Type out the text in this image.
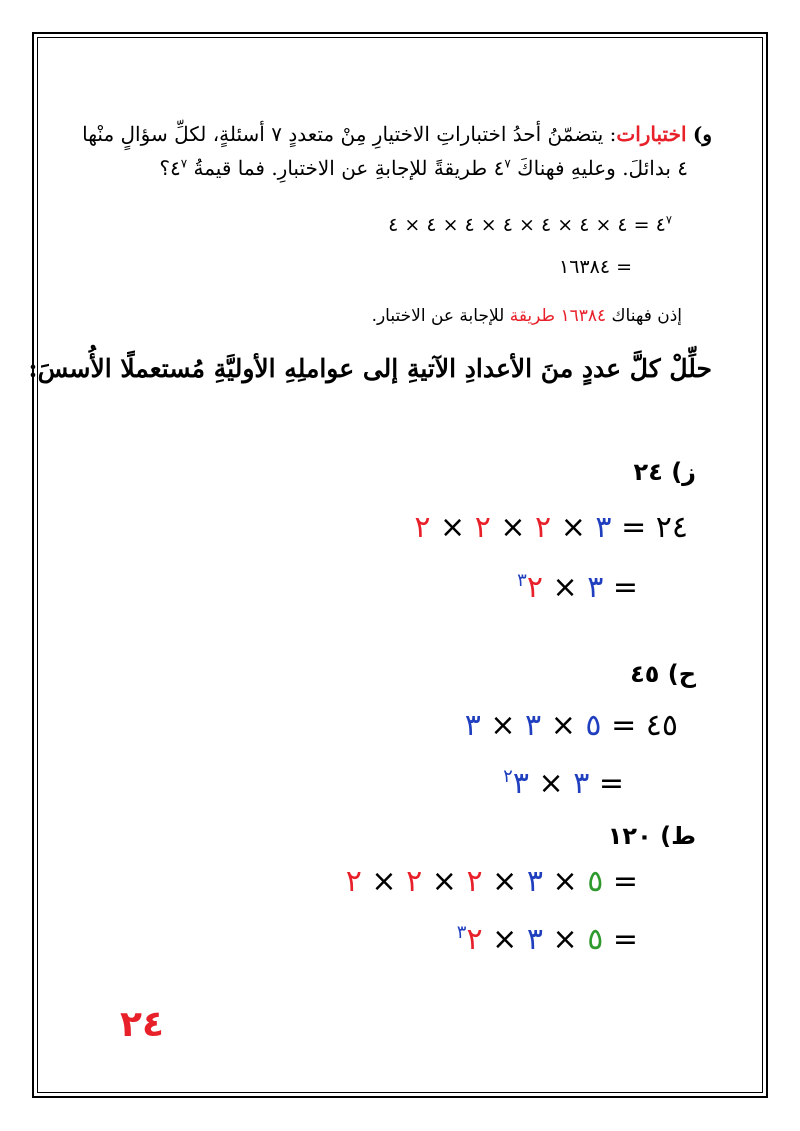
و) اختبارات: يتضمّنُ أحدُ اختباراتِ الاختيارِ مِنْ متعددٍ ٧ أسئلةٍ، لكلِّ سؤالٍ منْها
٤ بدائلَ. وعليهِ فهناكَ $٤^٧$ طريقةً للإجابةِ عن الاختبارِ. فما قيمةُ $٤^٧؟$
$٤^٧$ = ٤ × ٤ × ٤ × ٤ × ٤ × ٤ × ٤
= ١٦٣٨٤
إذن فهناك ١٦٣٨٤ طريقة للإجابة عن الاختبار.
حلِّلْ كلَّ عددٍ منَ الأعدادِ الآتيةِ إلى عواملِهِ الأوليَّةِ مُستعملًا الأُسسَ:
ز) ٢٤
٣ × ٢ × ٢ × ٢	٢٤ =
٣ × $^٣$٢ =
ح) ٤٥
٥ × ٣ × ٣	٤٥ =
٣ × $^٢$٣ =
ط) ١٢٠
٥ × ٣ × ٢ × ٢ × ٢	=
٥ × ٣ × $^٣$٢	=
٢٤
